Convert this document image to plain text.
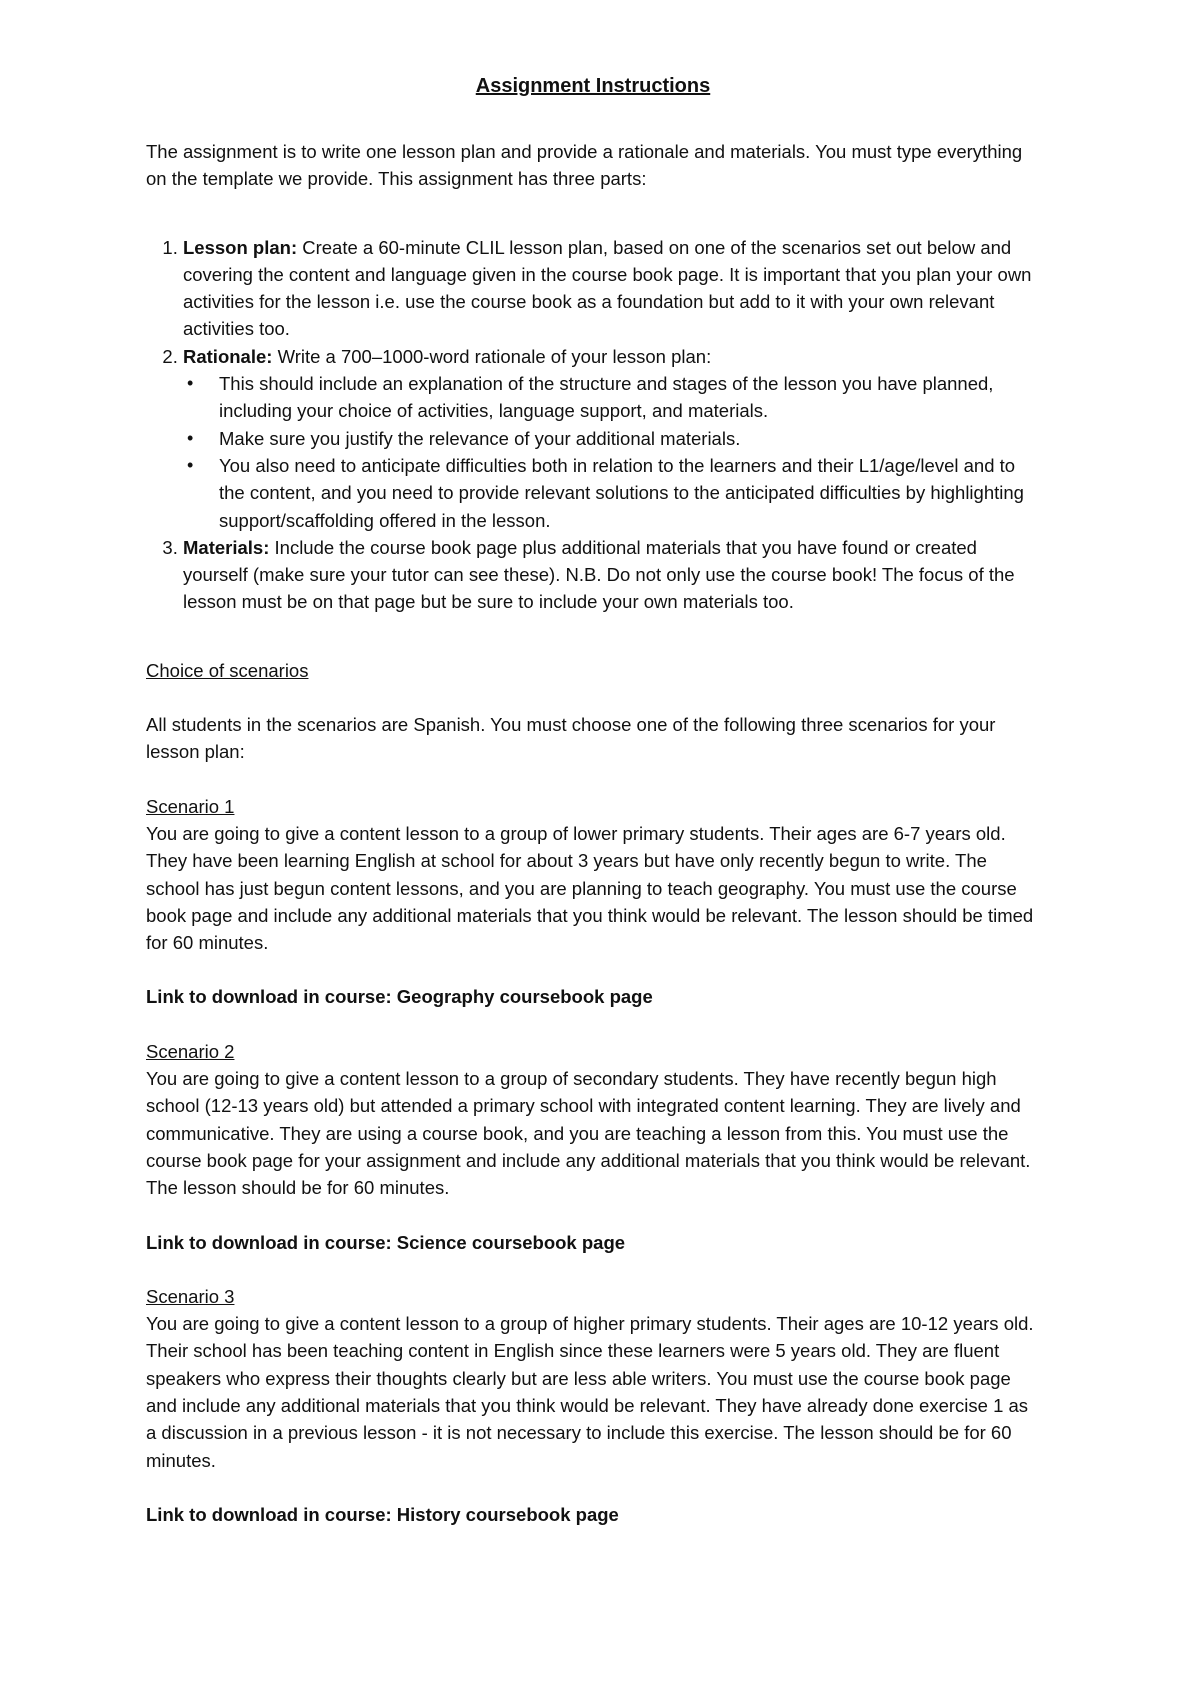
Assignment Instructions

The assignment is to write one lesson plan and provide a rationale and materials. You must type everything on the template we provide. This assignment has three parts:

1. Lesson plan: Create a 60-minute CLIL lesson plan, based on one of the scenarios set out below and covering the content and language given in the course book page. It is important that you plan your own activities for the lesson i.e. use the course book as a foundation but add to it with your own relevant activities too.
2. Rationale: Write a 700–1000-word rationale of your lesson plan:
• This should include an explanation of the structure and stages of the lesson you have planned, including your choice of activities, language support, and materials.
• Make sure you justify the relevance of your additional materials.
• You also need to anticipate difficulties both in relation to the learners and their L1/age/level and to the content, and you need to provide relevant solutions to the anticipated difficulties by highlighting support/scaffolding offered in the lesson.
3. Materials: Include the course book page plus additional materials that you have found or created yourself (make sure your tutor can see these). N.B. Do not only use the course book! The focus of the lesson must be on that page but be sure to include your own materials too.

Choice of scenarios

All students in the scenarios are Spanish. You must choose one of the following three scenarios for your lesson plan:

Scenario 1

You are going to give a content lesson to a group of lower primary students. Their ages are 6-7 years old. They have been learning English at school for about 3 years but have only recently begun to write. The school has just begun content lessons, and you are planning to teach geography. You must use the course book page and include any additional materials that you think would be relevant. The lesson should be timed for 60 minutes.

Link to download in course: Geography coursebook page

Scenario 2

You are going to give a content lesson to a group of secondary students. They have recently begun high school (12-13 years old) but attended a primary school with integrated content learning. They are lively and communicative. They are using a course book, and you are teaching a lesson from this. You must use the course book page for your assignment and include any additional materials that you think would be relevant. The lesson should be for 60 minutes.

Link to download in course: Science coursebook page

Scenario 3

You are going to give a content lesson to a group of higher primary students. Their ages are 10-12 years old. Their school has been teaching content in English since these learners were 5 years old. They are fluent speakers who express their thoughts clearly but are less able writers. You must use the course book page and include any additional materials that you think would be relevant. They have already done exercise 1 as a discussion in a previous lesson - it is not necessary to include this exercise. The lesson should be for 60 minutes.

Link to download in course: History coursebook page
